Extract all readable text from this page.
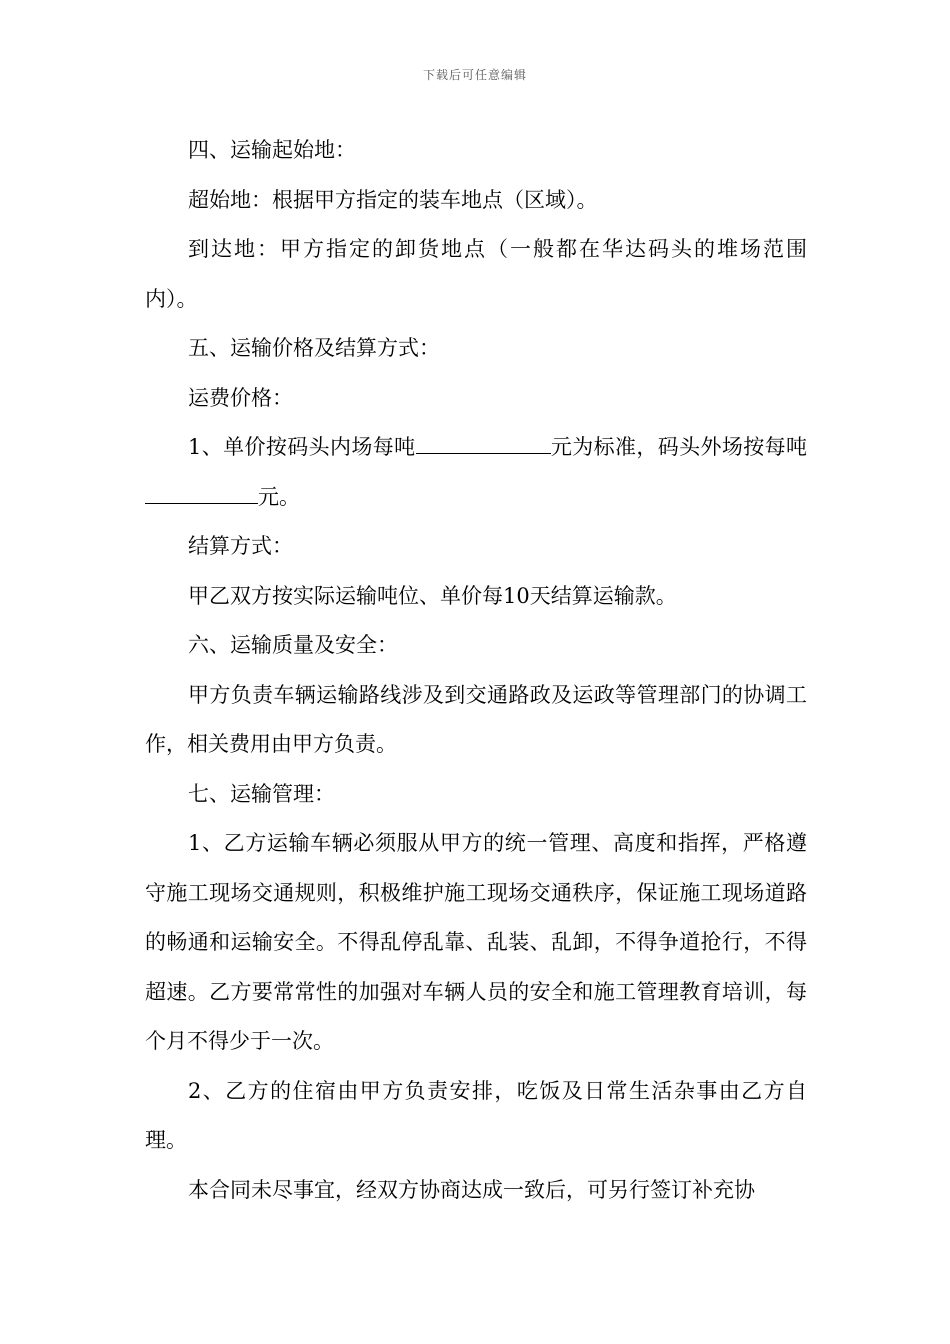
下载后可任意编辑

四、运输起始地：

超始地：根据甲方指定的装车地点（区域）。

到达地：甲方指定的卸货地点（一般都在华达码头的堆场范围内）。

五、运输价格及结算方式：

运费价格：

1、单价按码头内场每吨	元为标准，码头外场按每吨元。

结算方式：

甲乙双方按实际运输吨位、单价每10天结算运输款。

六、运输质量及安全：

甲方负责车辆运输路线涉及到交通路政及运政等管理部门的协调工作，相关费用由甲方负责。

七、运输管理：

1、乙方运输车辆必须服从甲方的统一管理、高度和指挥，严格遵守施工现场交通规则，积极维护施工现场交通秩序，保证施工现场道路的畅通和运输安全。不得乱停乱靠、乱装、乱卸，不得争道抢行，不得超速。乙方要常常性的加强对车辆人员的安全和施工管理教育培训，每个月不得少于一次。

2、乙方的住宿由甲方负责安排，吃饭及日常生活杂事由乙方自理。

本合同未尽事宜，经双方协商达成一致后，可另行签订补充协
